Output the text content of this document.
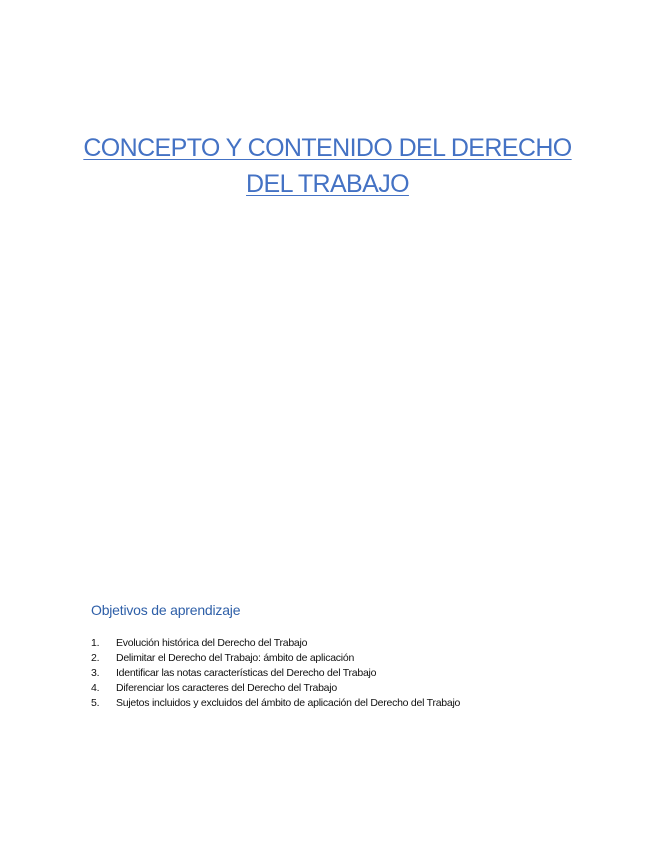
CONCEPTO Y CONTENIDO DEL DERECHO
DEL TRABAJO
Objetivos de aprendizaje
1.	Evolución histórica del Derecho del Trabajo
2.	Delimitar el Derecho del Trabajo: ámbito de aplicación
3.	Identificar las notas características del Derecho del Trabajo
4.	Diferenciar los caracteres del Derecho del Trabajo
5.	Sujetos incluidos y excluidos del ámbito de aplicación del Derecho del Trabajo
